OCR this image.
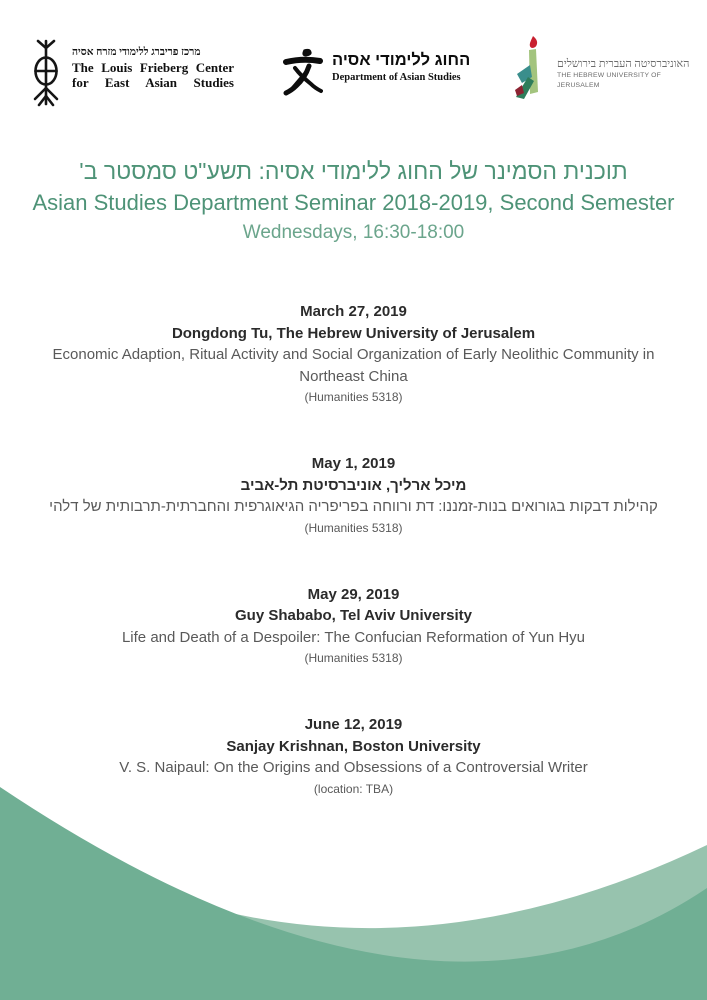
מרכז פריברג ללימודי מזרח אסיה
The Louis Frieberg Center
for East Asian Studies
החוג ללימודי אסיה
Department of Asian Studies
האוניברסיטה העברית בירושלים
THE HEBREW UNIVERSITY OF JERUSALEM
תוכנית הסמינר של החוג ללימודי אסיה: תשע"ט סמסטר ב'
Asian Studies Department Seminar 2018-2019, Second Semester
Wednesdays, 16:30-18:00
March 27, 2019
Dongdong Tu, The Hebrew University of Jerusalem
Economic Adaption, Ritual Activity and Social Organization of Early Neolithic Community in Northeast China
(Humanities 5318)
May 1, 2019
מיכל ארליך, אוניברסיטת תל-אביב
קהילות דבקות בגורואים בנות-זמננו: דת ורווחה בפריפריה הגיאוגרפית והחברתית-תרבותית של דלהי
(Humanities 5318)
May 29, 2019
Guy Shababo, Tel Aviv University
Life and Death of a Despoiler: The Confucian Reformation of Yun Hyu
(Humanities 5318)
June 12, 2019
Sanjay Krishnan, Boston University
V. S. Naipaul: On the Origins and Obsessions of a Controversial Writer
(location: TBA)
